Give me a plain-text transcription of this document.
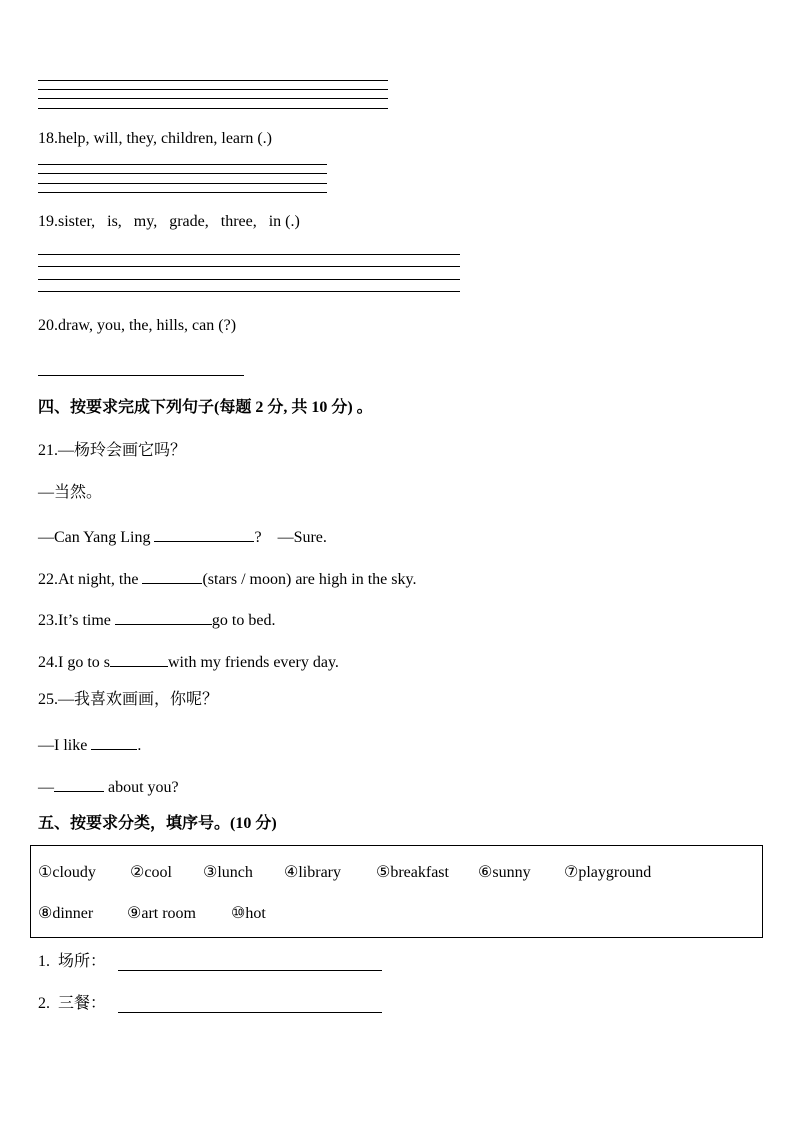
18.help, will, they, children, learn (.)
19.sister,   is,   my,   grade,   three,   in (.)
20.draw, you, the, hills, can (?)
四、按要求完成下列句子(每题 2 分, 共 10 分) 。
21.—杨玲会画它吗？
—当然。
—Can Yang Ling	? —Sure.
22.At night, the	(stars / moon) are high in the sky.
23.It’s time	go to bed.
24.I go to s	with my friends every day.
25.—我喜欢画画，你呢？
—I like	.
—	about you?
五、按要求分类，填序号。(10 分)
①cloudy ②cool ③lunch ④library ⑤breakfast ⑥sunny ⑦playground
⑧dinner ⑨art room ⑩hot
1.  场所：
2.  三餐：
